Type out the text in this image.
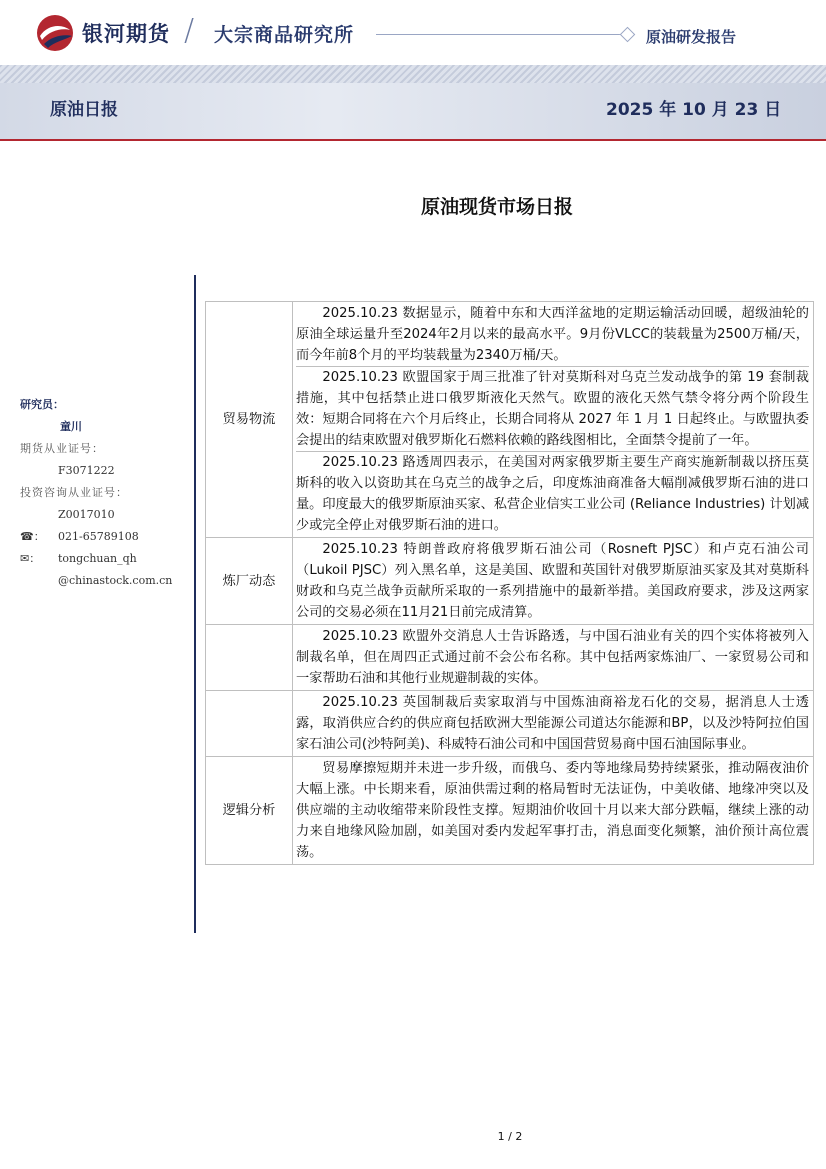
银河期货 / 大宗商品研究所	原油研发报告
原油日报	2025 年 10 月 23 日
原油现货市场日报
研究员：
童川
期货从业证号：
F3071222
投资咨询从业证号：
Z0017010
☎：	021-65789108
✉：	tongchuan_qh
@chinastock.com.cn
贸易物流	2025.10.23 数据显示，随着中东和大西洋盆地的定期运输活动回暖，超级油轮的原油全球运量升至2024年2月以来的最高水平。9月份VLCC的装载量为2500万桶/天，而今年前8个月的平均装载量为2340万桶/天。

2025.10.23 欧盟国家于周三批准了针对莫斯科对乌克兰发动战争的第 19 套制裁措施，其中包括禁止进口俄罗斯液化天然气。欧盟的液化天然气禁令将分两个阶段生效：短期合同将在六个月后终止，长期合同将从 2027 年 1 月 1 日起终止。与欧盟执委会提出的结束欧盟对俄罗斯化石燃料依赖的路线图相比，全面禁令提前了一年。

2025.10.23 路透周四表示，在美国对两家俄罗斯主要生产商实施新制裁以挤压莫斯科的收入以资助其在乌克兰的战争之后，印度炼油商准备大幅削减俄罗斯石油的进口量。印度最大的俄罗斯原油买家、私营企业信实工业公司 (Reliance Industries) 计划减少或完全停止对俄罗斯石油的进口。

炼厂动态	2025.10.23 特朗普政府将俄罗斯石油公司（Rosneft PJSC）和卢克石油公司（Lukoil PJSC）列入黑名单，这是美国、欧盟和英国针对俄罗斯原油买家及其对莫斯科财政和乌克兰战争贡献所采取的一系列措施中的最新举措。美国政府要求，涉及这两家公司的交易必须在11月21日前完成清算。

	2025.10.23 欧盟外交消息人士告诉路透，与中国石油业有关的四个实体将被列入制裁名单，但在周四正式通过前不会公布名称。其中包括两家炼油厂、一家贸易公司和一家帮助石油和其他行业规避制裁的实体。

	2025.10.23 英国制裁后卖家取消与中国炼油商裕龙石化的交易，据消息人士透露，取消供应合约的供应商包括欧洲大型能源公司道达尔能源和BP，以及沙特阿拉伯国家石油公司(沙特阿美)、科威特石油公司和中国国营贸易商中国石油国际事业。

逻辑分析	贸易摩擦短期并未进一步升级，而俄乌、委内等地缘局势持续紧张，推动隔夜油价大幅上涨。中长期来看，原油供需过剩的格局暂时无法证伪，中美收储、地缘冲突以及供应端的主动收缩带来阶段性支撑。短期油价收回十月以来大部分跌幅，继续上涨的动力来自地缘风险加剧，如美国对委内发起军事打击，消息面变化频繁，油价预计高位震荡。

1 / 2
